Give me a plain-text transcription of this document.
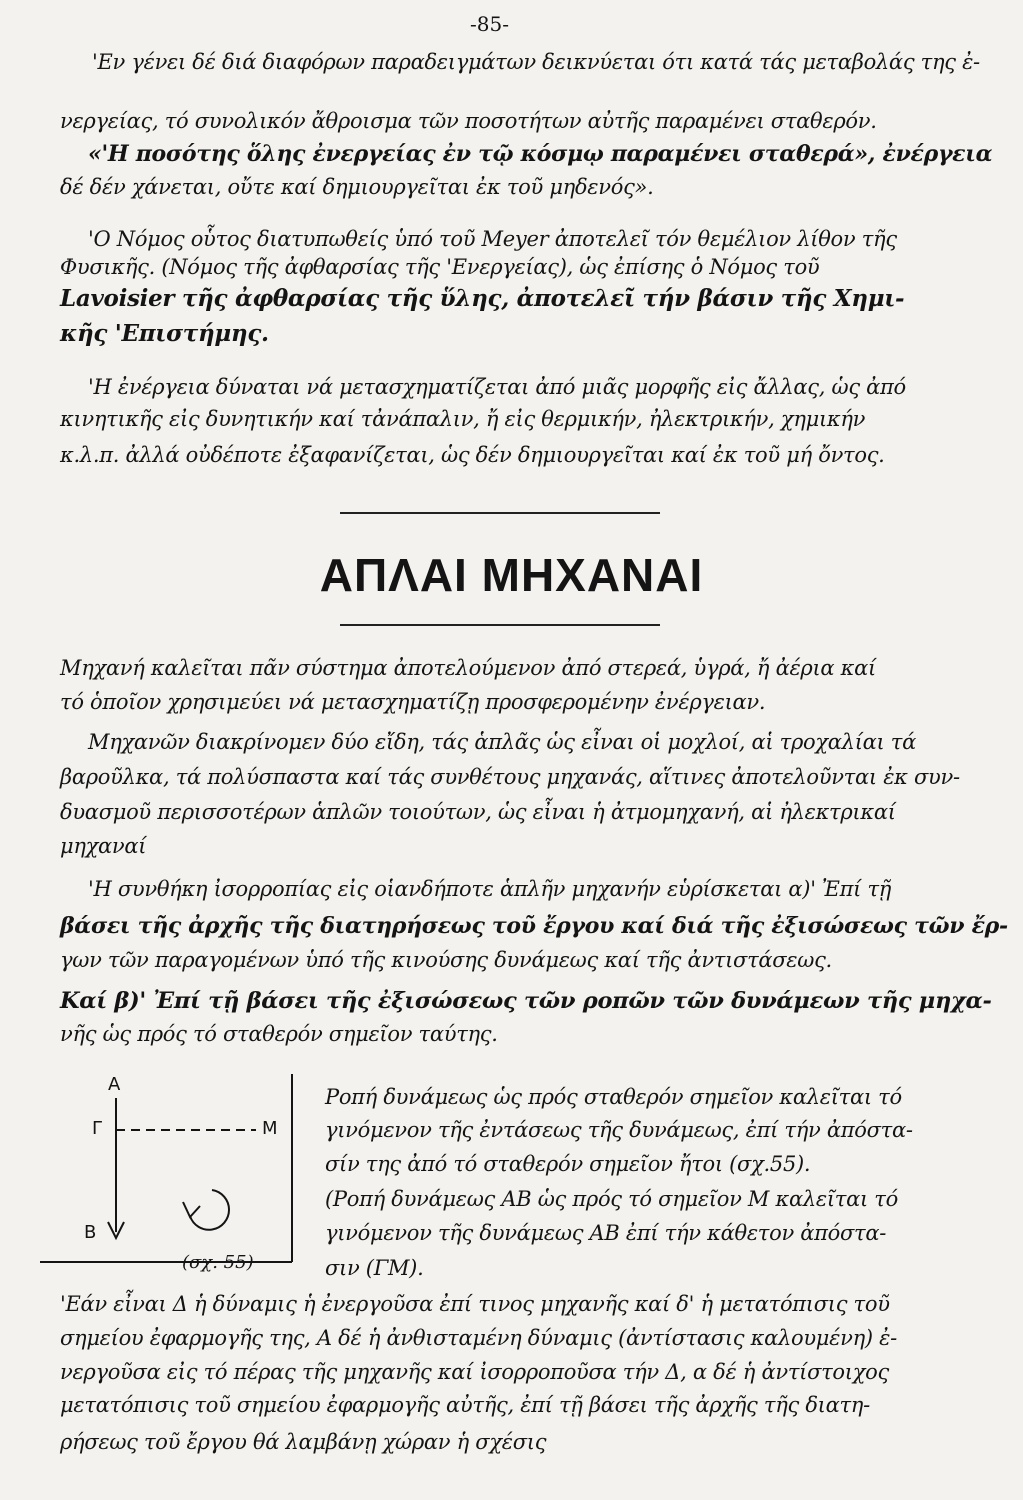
-85-
'Εν γένει δέ διά διαφόρων παραδειγμάτων δεικνύεται ότι κατά τάς μεταβολάς της ἐ-
νεργείας, τό συνολικόν ἄθροισμα τῶν ποσοτήτων αὐτῆς παραμένει σταθερόν.
«'Η ποσότης ὅλης ἐνεργείας ἐν τῷ κόσμῳ παραμένει σταθερά», ἐνέργεια
δέ δέν χάνεται, οὔτε καί δημιουργεῖται ἐκ τοῦ μηδενός».
'Ο Νόμος οὗτος διατυπωθείς ὑπό τοῦ Meyer ἀποτελεῖ τόν θεμέλιον λίθον τῆς
Φυσικῆς. (Νόμος τῆς ἀφθαρσίας τῆς 'Ενεργείας), ὡς ἐπίσης ὁ Νόμος τοῦ
Lavoisier τῆς ἀφθαρσίας τῆς ὕλης, ἀποτελεῖ τήν βάσιν τῆς Χημι-
κῆς 'Επιστήμης.
'Η ἐνέργεια δύναται νά μετασχηματίζεται ἀπό μιᾶς μορφῆς εἰς ἄλλας, ὡς ἀπό
κινητικῆς εἰς δυνητικήν καί τἀνάπαλιν, ἤ εἰς θερμικήν, ἠλεκτρικήν, χημικήν
κ.λ.π. ἀλλά οὐδέποτε ἐξαφανίζεται, ὡς δέν δημιουργεῖται καί ἐκ τοῦ μή ὄντος.
Μηχανή καλεῖται πᾶν σύστημα ἀποτελούμενον ἀπό στερεά, ὑγρά, ἤ ἀέρια καί
τό ὁποῖον χρησιμεύει νά μετασχηματίζῃ προσφερομένην ἐνέργειαν.
Μηχανῶν διακρίνομεν δύο εἴδη, τάς ἁπλᾶς ὡς εἶναι οἱ μοχλοί, αἱ τροχαλίαι τά
βαροῦλκα, τά πολύσπαστα καί τάς συνθέτους μηχανάς, αἵτινες ἀποτελοῦνται ἐκ συν-
δυασμοῦ περισσοτέρων ἁπλῶν τοιούτων, ὡς εἶναι ἡ ἀτμομηχανή, αἱ ἠλεκτρικαί
μηχαναί
'Η συνθήκη ἰσορροπίας εἰς οἱανδήποτε ἁπλῆν μηχανήν εὑρίσκεται α)' Ἐπί τῇ
βάσει τῆς ἀρχῆς τῆς διατηρήσεως τοῦ ἔργου καί διά τῆς ἐξισώσεως τῶν ἔρ-
γων τῶν παραγομένων ὑπό τῆς κινούσης δυνάμεως καί τῆς ἀντιστάσεως.
Καί β)' Ἐπί τῇ βάσει τῆς ἐξισώσεως τῶν ροπῶν τῶν δυνάμεων τῆς μηχα-
νῆς ὡς πρός τό σταθερόν σημεῖον ταύτης.
Ροπή δυνάμεως ὡς πρός σταθερόν σημεῖον καλεῖται τό
γινόμενον τῆς ἐντάσεως τῆς δυνάμεως, ἐπί τήν ἀπόστα-
σίν της ἀπό τό σταθερόν σημεῖον ἤτοι (σχ.55).
(Ροπή δυνάμεως ΑΒ ὡς πρός τό σημεῖον Μ καλεῖται τό
γινόμενον τῆς δυνάμεως ΑΒ ἐπί τήν κάθετον ἀπόστα-
σιν (ΓΜ).
'Εάν εἶναι Δ ἡ δύναμις ἡ ἐνεργοῦσα ἐπί τινος μηχανῆς καί δ' ἡ μετατόπισις τοῦ
σημείου ἐφαρμογῆς της, Α δέ ἡ ἀνθισταμένη δύναμις (ἀντίστασις καλουμένη) ἐ-
νεργοῦσα εἰς τό πέρας τῆς μηχανῆς καί ἰσορροποῦσα τήν Δ, α δέ ἡ ἀντίστοιχος
μετατόπισις τοῦ σημείου ἐφαρμογῆς αὐτῆς, ἐπί τῇ βάσει τῆς ἀρχῆς τῆς διατη-
ρήσεως τοῦ ἔργου θά λαμβάνῃ χώραν ἡ σχέσις
ΑΠΛΑΙ ΜΗΧΑΝΑΙ
Α
Γ	Μ
Β
(σχ. 55)
